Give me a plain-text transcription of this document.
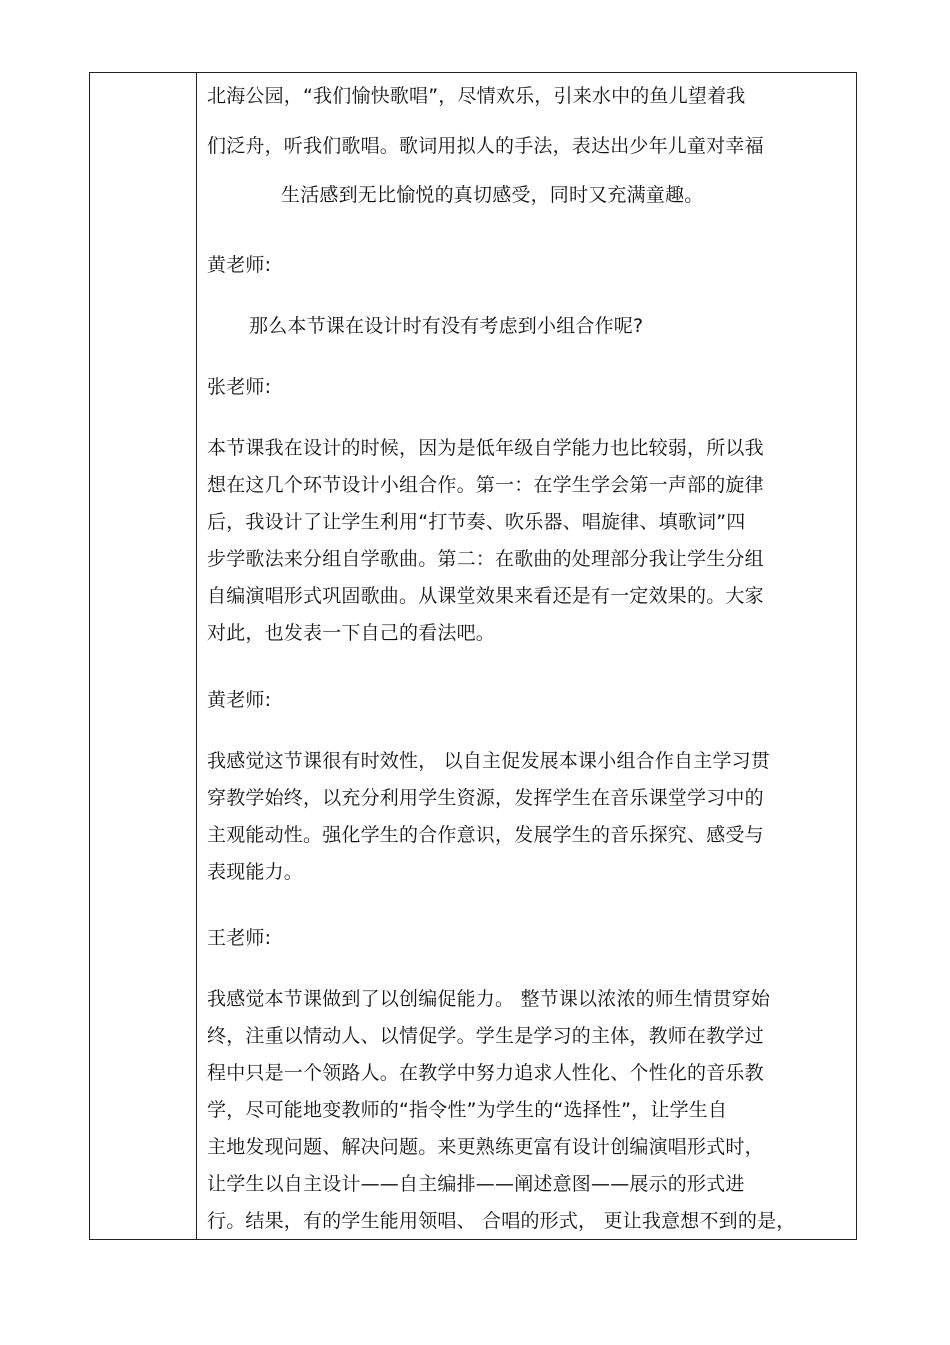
北海公园，“我们愉快歌唱”，尽情欢乐，引来水中的鱼儿望着我
们泛舟，听我们歌唱。歌词用拟人的手法，表达出少年儿童对幸福
生活感到无比愉悦的真切感受，同时又充满童趣。
黄老师:
那么本节课在设计时有没有考虑到小组合作呢?
张老师:
本节课我在设计的时候，因为是低年级自学能力也比较弱，所以我
想在这几个环节设计小组合作。第一：在学生学会第一声部的旋律
后，我设计了让学生利用“打节奏、吹乐器、唱旋律、填歌词”四
步学歌法来分组自学歌曲。第二：在歌曲的处理部分我让学生分组
自编演唱形式巩固歌曲。从课堂效果来看还是有一定效果的。大家
对此，也发表一下自己的看法吧。
黄老师:
我感觉这节课很有时效性， 以自主促发展本课小组合作自主学习贯
穿教学始终，以充分利用学生资源，发挥学生在音乐课堂学习中的
主观能动性。强化学生的合作意识，发展学生的音乐探究、感受与
表现能力。
王老师:
我感觉本节课做到了以创编促能力。 整节课以浓浓的师生情贯穿始
终，注重以情动人、以情促学。学生是学习的主体，教师在教学过
程中只是一个领路人。在教学中努力追求人性化、个性化的音乐教
学，尽可能地变教师的“指令性”为学生的“选择性”，让学生自
主地发现问题、解决问题。来更熟练更富有设计创编演唱形式时，
让学生以自主设计——自主编排——阐述意图——展示的形式进
行。结果，有的学生能用领唱、 合唱的形式， 更让我意想不到的是，
